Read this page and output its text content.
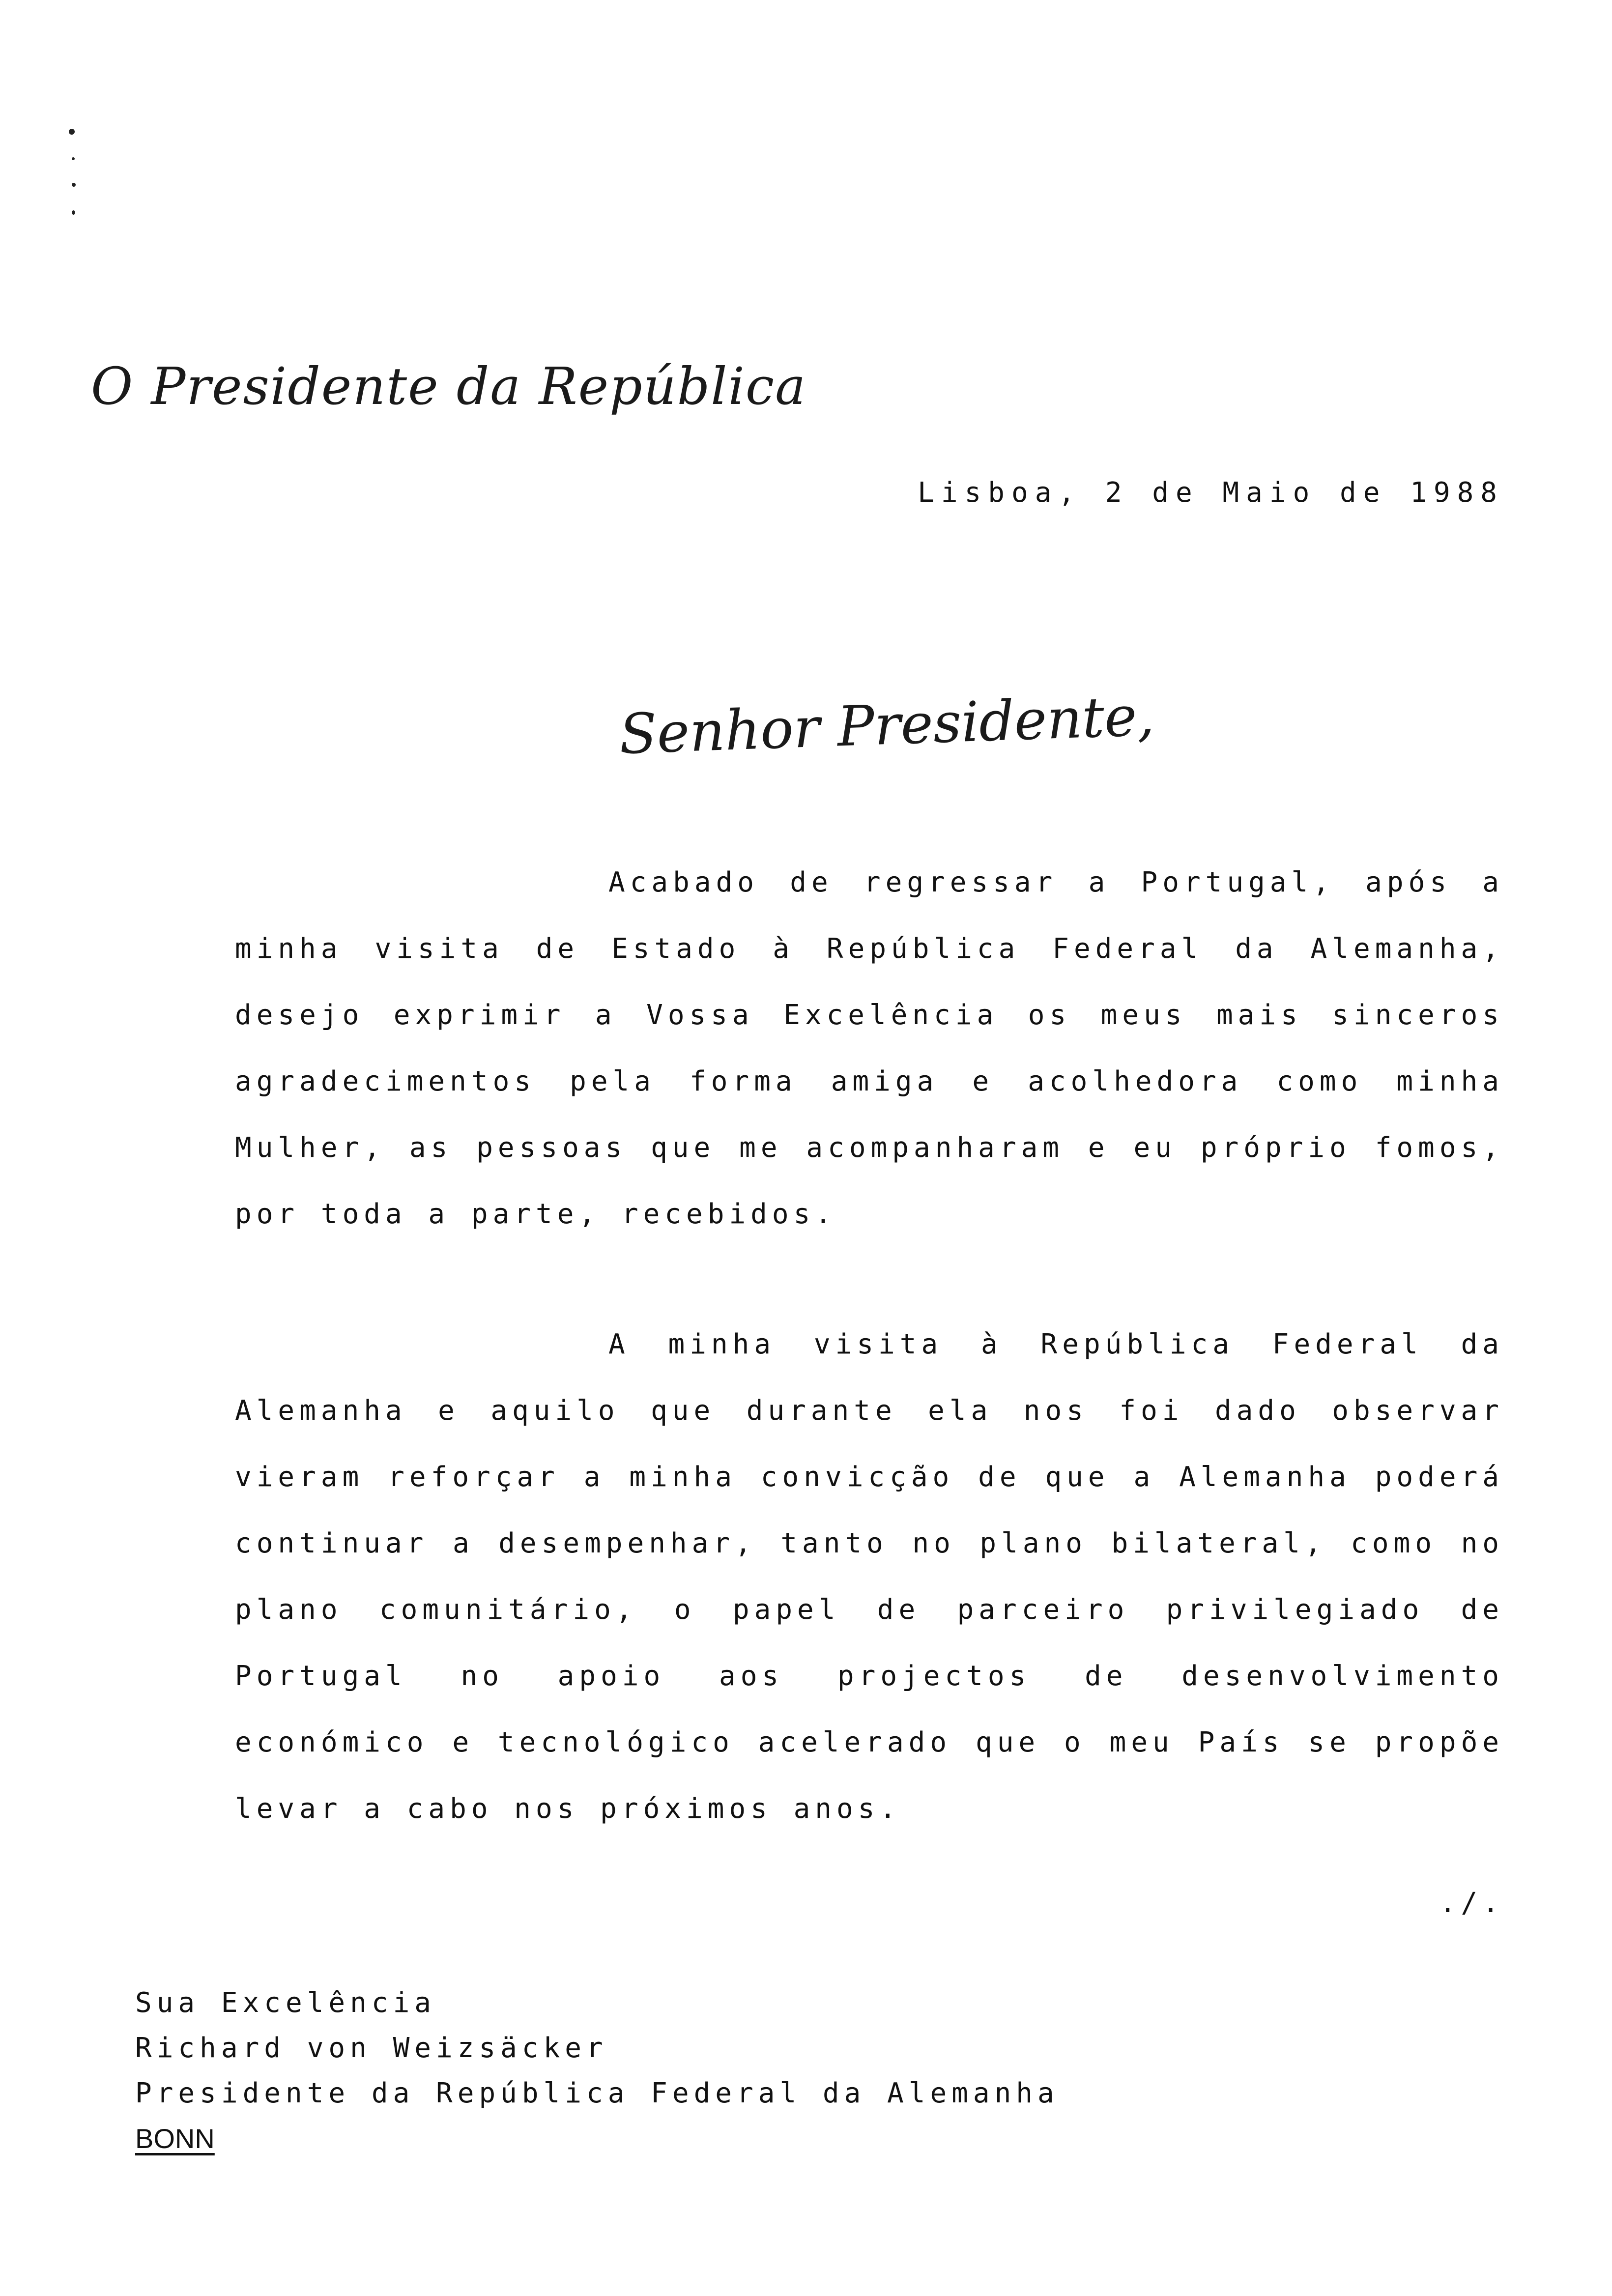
O Presidente da República
Lisboa, 2 de Maio de 1988
Senhor Presidente,

Acabado de regressar a Portugal, após a minha visita de Estado à República Federal da Alemanha, desejo exprimir a Vossa Excelência os meus mais sinceros agradecimentos pela forma amiga e acolhedora como minha Mulher, as pessoas que me acompanharam e eu próprio fomos, por toda a parte, recebidos.

A minha visita à República Federal da Alemanha e aquilo que durante ela nos foi dado observar vieram reforçar a minha convicção de que a Alemanha poderá continuar a desempenhar, tanto no plano bilateral, como no plano comunitário, o papel de parceiro privilegiado de Portugal no apoio aos projectos de desenvolvimento económico e tecnológico acelerado que o meu País se propõe levar a cabo nos próximos anos.

./.
Sua Excelência
Richard von Weizsäcker
Presidente da República Federal da Alemanha
BONN
